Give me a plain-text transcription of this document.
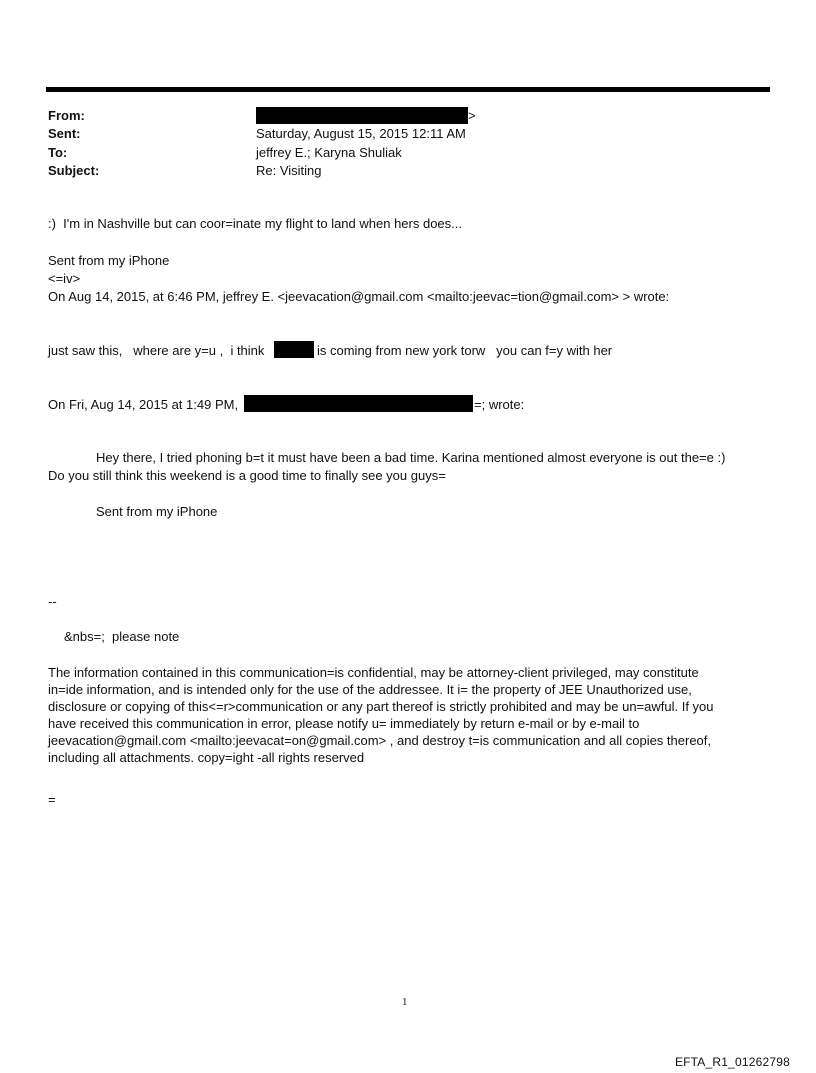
From:	>
Sent:	Saturday, August 15, 2015 12:11 AM
To:	jeffrey E.; Karyna Shuliak
Subject:	Re: Visiting
:)  I'm in Nashville but can coor=inate my flight to land when hers does...
Sent from my iPhone
<=iv>
On Aug 14, 2015, at 6:46 PM, jeffrey E. <jeevacation@gmail.com <mailto:jeevac=tion@gmail.com> > wrote:
just saw this,   where are y=u ,  i think	is coming from new york torw   you can f=y with her
On Fri, Aug 14, 2015 at 1:49 PM,	=; wrote:
Hey there, I tried phoning b=t it must have been a bad time. Karina mentioned almost everyone is out the=e :)
Do you still think this weekend is a good time to finally see you guys=
Sent from my iPhone
--
&nbs=;  please note
The information contained in this communication=is confidential, may be attorney-client privileged, may constitute
in=ide information, and is intended only for the use of the addressee. It i= the property of JEE Unauthorized use,
disclosure or copying of this<=r>communication or any part thereof is strictly prohibited and may be un=awful. If you
have received this communication in error, please notify u= immediately by return e-mail or by e-mail to
jeevacation@gmail.com <mailto:jeevacat=on@gmail.com> , and destroy t=is communication and all copies thereof,
including all attachments. copy=ight -all rights reserved
=
1
EFTA_R1_01262798
